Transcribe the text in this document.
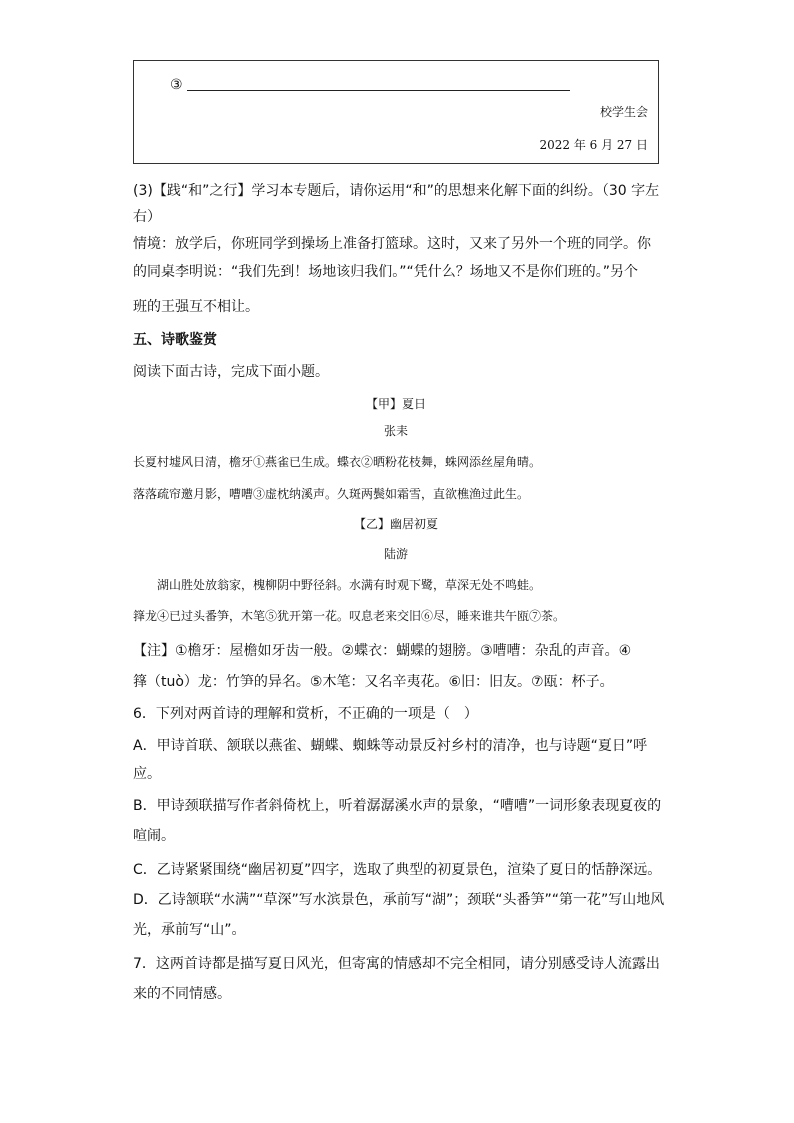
③
校学生会
2022 年 6 月 27 日
(3)【践“和”之行】学习本专题后，请你运用“和”的思想来化解下面的纠纷。（30 字左
右）
情境：放学后，你班同学到操场上准备打篮球。这时，又来了另外一个班的同学。你
的同桌李明说：“我们先到！场地该归我们。”“凭什么？场地又不是你们班的。”另个
班的王强互不相让。
五、诗歌鉴赏
阅读下面古诗，完成下面小题。
【甲】夏日
张耒
长夏村墟风日清，檐牙①燕雀已生成。蝶衣②晒粉花枝舞，蛛网添丝屋角晴。
落落疏帘邀月影，嘈嘈③虚枕纳溪声。久斑两鬓如霜雪，直欲樵渔过此生。
【乙】幽居初夏
陆游
湖山胜处放翁家，槐柳阴中野径斜。水满有时观下鹭，草深无处不鸣蛙。
箨龙④已过头番笋，木笔⑤犹开第一花。叹息老来交旧⑥尽，睡来谁共午瓯⑦茶。
【注】①檐牙：屋檐如牙齿一般。②蝶衣：蝴蝶的翅膀。③嘈嘈：杂乱的声音。④
箨（tuò）龙：竹笋的异名。⑤木笔：又名辛夷花。⑥旧：旧友。⑦瓯：杯子。
6．下列对两首诗的理解和赏析，不正确的一项是（　）
A．甲诗首联、颔联以燕雀、蝴蝶、蜘蛛等动景反衬乡村的清净，也与诗题“夏日”呼
应。
B．甲诗颈联描写作者斜倚枕上，听着潺潺溪水声的景象，“嘈嘈”一词形象表现夏夜的
喧闹。
C．乙诗紧紧围绕“幽居初夏”四字，选取了典型的初夏景色，渲染了夏日的恬静深远。
D．乙诗颔联“水满”“草深”写水滨景色，承前写“湖”；颈联“头番笋”“第一花”写山地风
光，承前写“山”。
7．这两首诗都是描写夏日风光，但寄寓的情感却不完全相同，请分别感受诗人流露出
来的不同情感。
